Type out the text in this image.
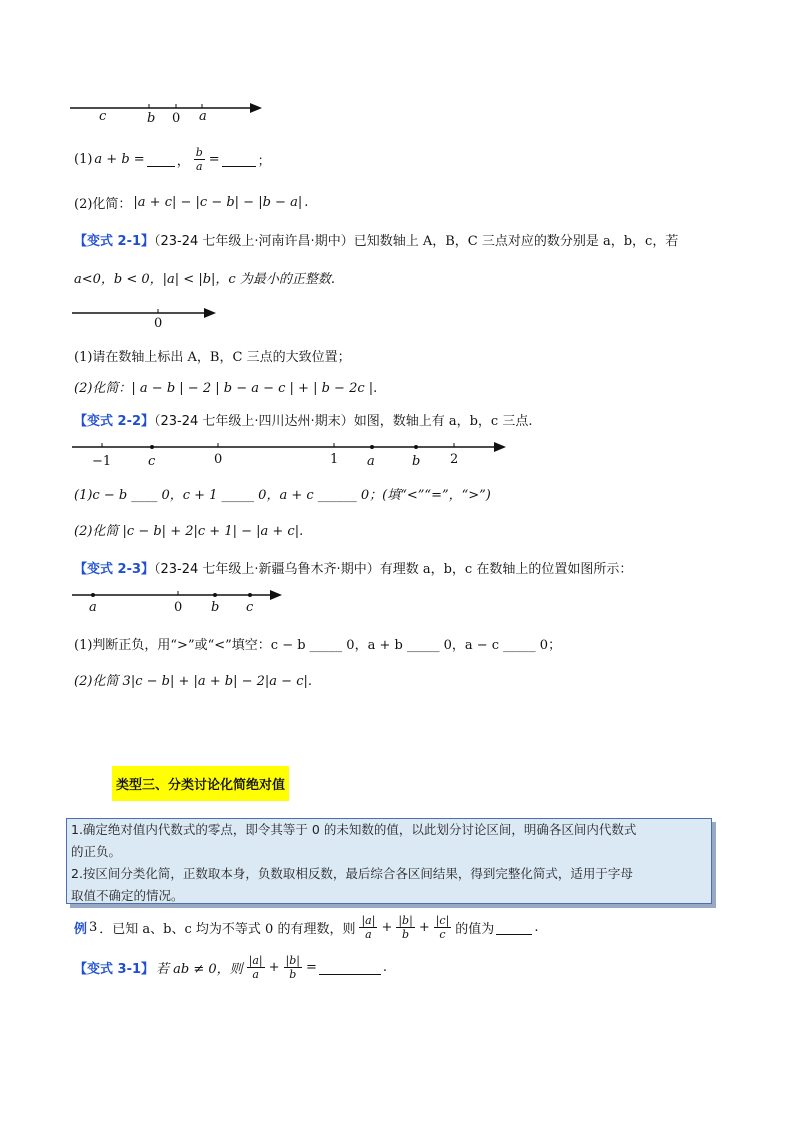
c	b 0 a
(1) a + b = ， $\frac{b}{a}$ =	；
(2)化简： |a + c| − |c − b| − |b − a| .
【变式 2-1】（23-24 七年级上·河南许昌·期中）已知数轴上 A，B，C 三点对应的数分别是 a，b，c，若
a<0，b < 0，|a| < |b|，c 为最小的正整数.
0
(1)请在数轴上标出 A，B，C 三点的大致位置；
(2)化简：| a − b | − 2 | b − a − c | + | b − 2c |.
【变式 2-2】（23-24 七年级上·四川达州·期末）如图，数轴上有 a，b，c 三点.
−1	c	0	1 a	b 2
(1)c − b ____ 0，c + 1 _____ 0，a + c ______ 0；(填“<”“=”，“>”)
(2)化简 |c − b| + 2|c + 1| − |a + c|.
【变式 2-3】（23-24 七年级上·新疆乌鲁木齐·期中）有理数 a，b，c 在数轴上的位置如图所示：
a	0 b c
(1)判断正负，用“>”或“<”填空：c − b _____ 0，a + b _____ 0，a − c _____ 0；
(2)化简 3|c − b| + |a + b| − 2|a − c|.
类型三、分类讨论化简绝对值
1.确定绝对值内代数式的零点，即令其等于 0 的未知数的值，以此划分讨论区间，明确各区间内代数式
的正负。
2.按区间分类化简，正数取本身，负数取相反数，最后综合各区间结果，得到完整化简式，适用于字母
取值不确定的情况。
例 3 ．已知 a、b、c 均为不等式 0 的有理数，则 $\frac{|a|}{a} + \frac{|b|}{b} + \frac{|c|}{c}$ 的值为	.
【变式 3-1】 若 ab ≠ 0，则 $\frac{|a|}{a} + \frac{|b|}{b}$ =	.
